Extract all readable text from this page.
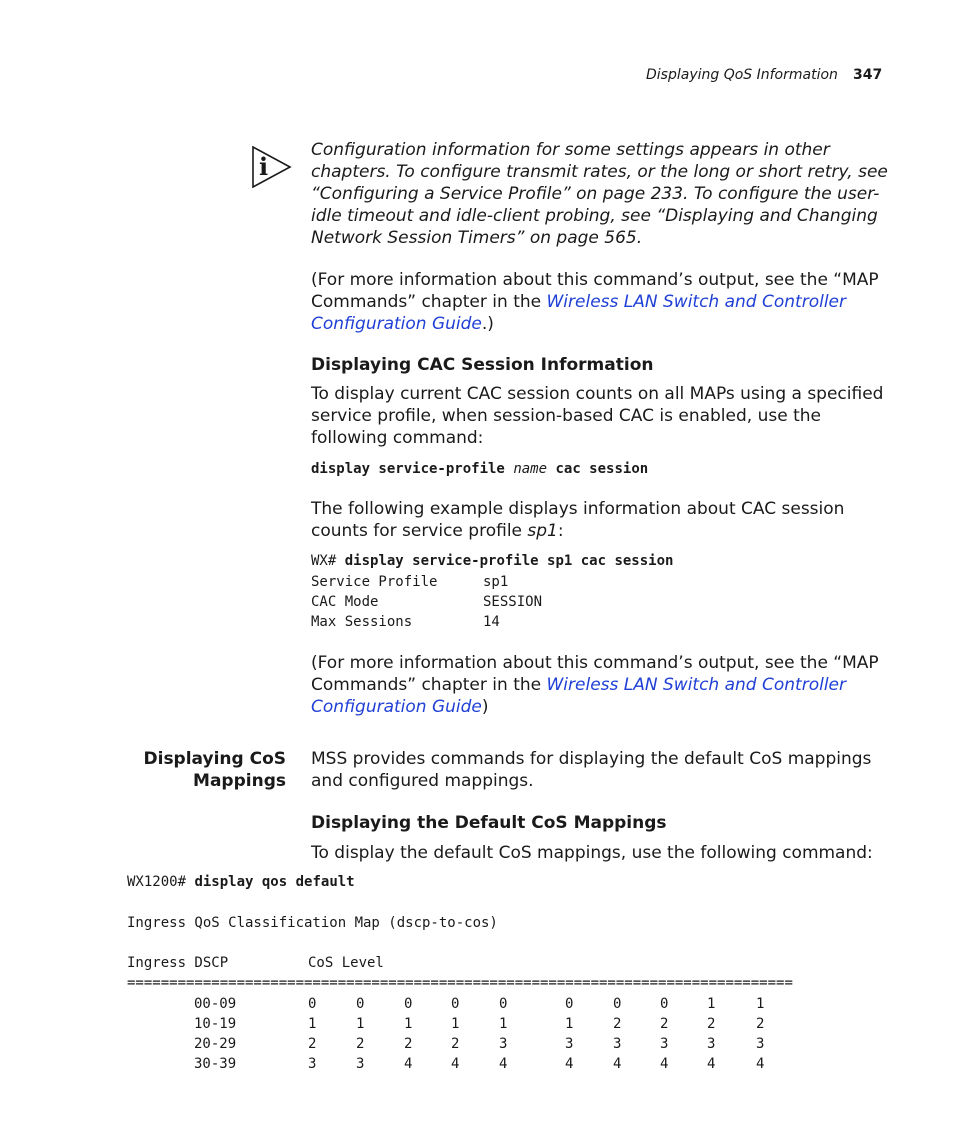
Displaying QoS Information 347
i
Configuration information for some settings appears in other chapters. To configure transmit rates, or the long or short retry, see “Configuring a Service Profile” on page 233. To configure the user-idle timeout and idle-client probing, see “Displaying and Changing Network Session Timers” on page 565.
(For more information about this command’s output, see the “MAP Commands” chapter in the Wireless LAN Switch and Controller Configuration Guide.)
Displaying CAC Session Information
To display current CAC session counts on all MAPs using a specified service profile, when session-based CAC is enabled, use the following command:
display service-profile name cac session
The following example displays information about CAC session counts for service profile sp1:
WX# display service-profile sp1 cac session
Service Profile	sp1
CAC Mode	SESSION
Max Sessions	14
(For more information about this command’s output, see the “MAP Commands” chapter in the Wireless LAN Switch and Controller Configuration Guide)
Displaying CoS
Mappings
MSS provides commands for displaying the default CoS mappings and configured mappings.
Displaying the Default CoS Mappings
To display the default CoS mappings, use the following command:
WX1200# display qos default
Ingress QoS Classification Map (dscp-to-cos)
Ingress DSCP	CoS Level
===============================================================================
00-09	0	0	0	0	0	0	0	0	1	1
10-19	1	1	1	1	1	1	2	2	2	2
20-29	2	2	2	2	3	3	3	3	3	3
30-39	3	3	4	4	4	4	4	4	4	4
